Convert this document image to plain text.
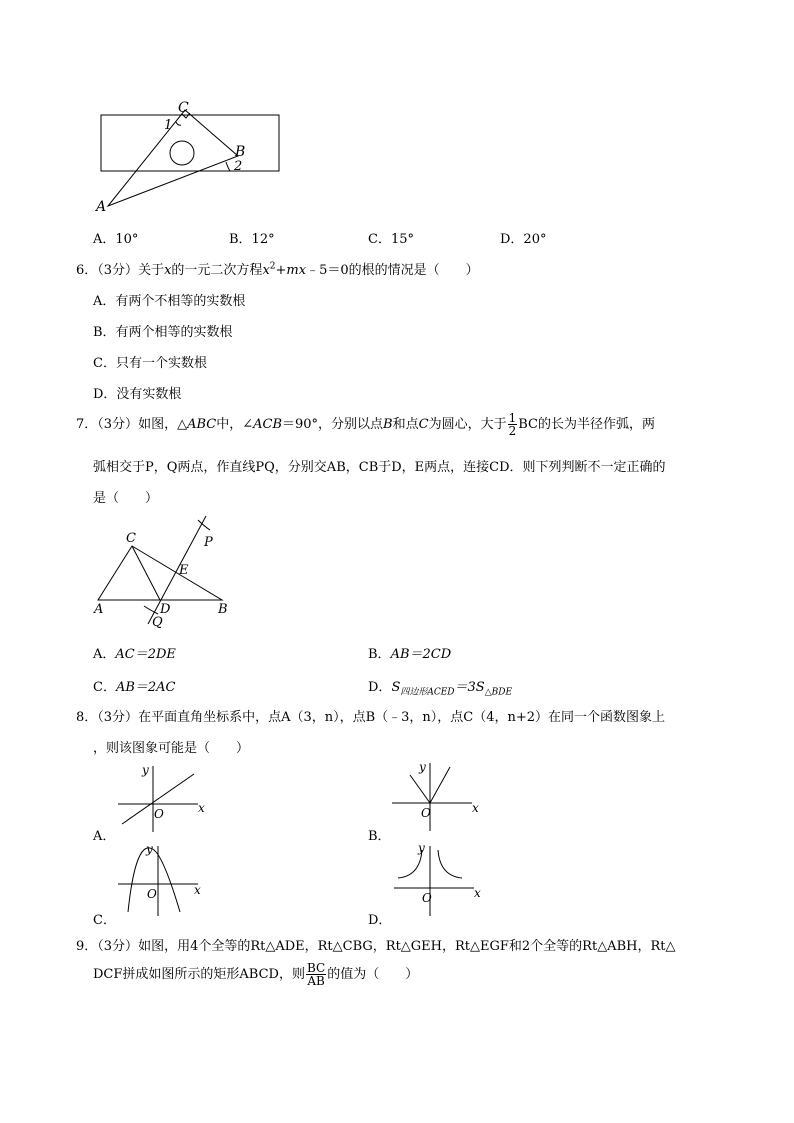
C
1
B
2
A
A．10°	B．12°	C．15°	D．20°
6．（3分）关于x的一元二次方程$x^2+mx﹣5=0$的根的情况是（　　）
A．有两个不相等的实数根
B．有两个相等的实数根
C．只有一个实数根
D．没有实数根
7．（3分）如图，△ABC中，∠ACB＝90°，分别以点B和点C为圆心，大于 $\frac{1}{2}$ BC的长为半径作弧，两
弧相交于P，Q两点，作直线PQ，分别交AB，CB于D，E两点，连接CD．则下列判断不一定正确的
是（　　）
C	P
E
A	D	B
Q
A．AC＝2DE	B．AB＝2CD
C．AB＝2AC	D．$S_{四边形ACED}=3S_{\triangle BDE}$
8．（3分）在平面直角坐标系中，点A（3，n），点B（﹣3，n），点C（4，n+2）在同一个函数图象上
，则该图象可能是（　　）
y
x
O
A．
y
x
O
B．
y
x
O
C．
y
x
O
D．
9．（3分）如图，用4个全等的Rt△ADE，Rt△CBG，Rt△GEH，Rt△EGF和2个全等的Rt△ABH，Rt△
DCF拼成如图所示的矩形ABCD，则 $\frac{BC}{AB}$ 的值为（　　）
